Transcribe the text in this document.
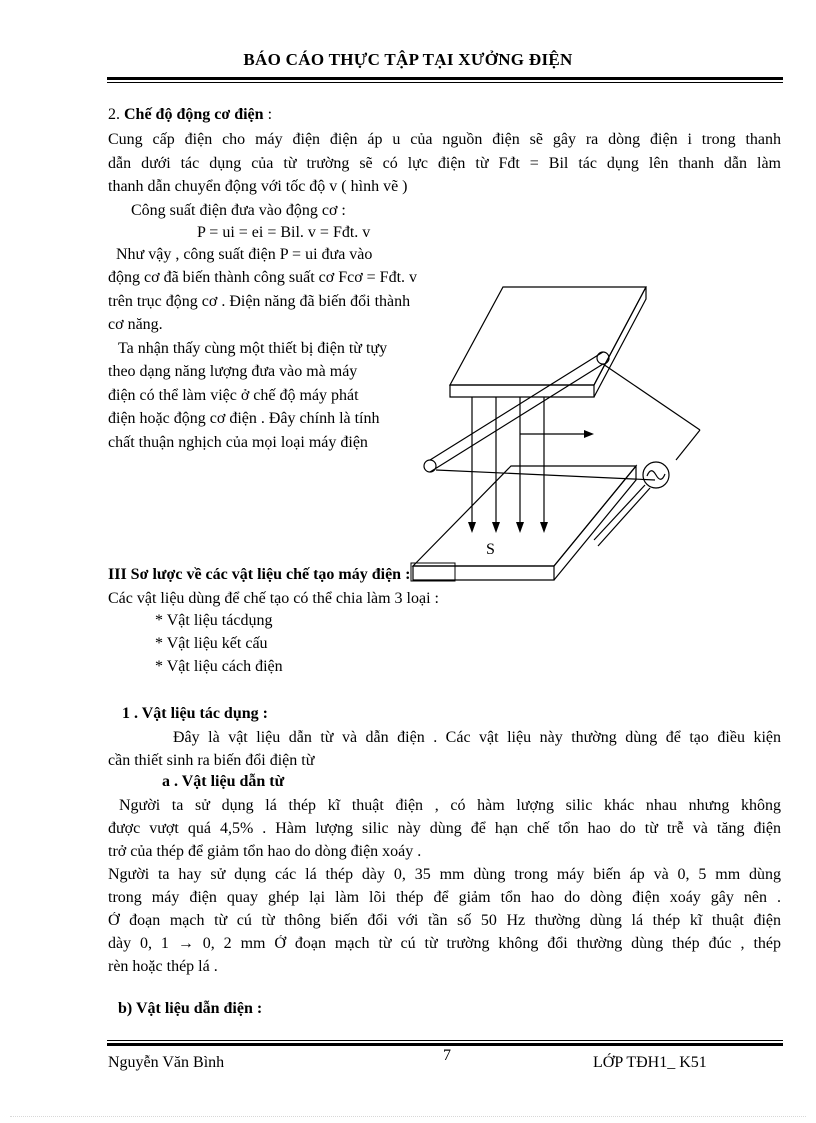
BÁO CÁO THỰC TẬP TẠI XƯỞNG ĐIỆN
2. Chế độ động cơ điện :
Cung cấp điện cho máy điện điện áp u của nguồn điện sẽ gây ra dòng điện i trong thanh
dẫn dưới tác dụng của từ trường sẽ có lực điện từ Fđt = Bil tác dụng lên thanh dẫn làm
thanh dẫn chuyển động với tốc độ v ( hình vẽ )
Công suất điện đưa vào động cơ :
P = ui = ei = Bil. v = Fđt. v
Như vậy , công suất điện P = ui đưa vào
động cơ đã biến thành công suất cơ Fcơ = Fđt. v
trên trục động cơ . Điện năng đã biến đổi thành
cơ năng.
Ta nhận thấy cùng một thiết bị điện từ tựy
theo dạng năng lượng đưa vào mà máy
điện có thể làm việc ở chế độ máy phát
điện hoặc động cơ điện . Đây chính là tính
chất thuận nghịch của mọi loại máy điện
S
III Sơ lược về các vật liệu chế tạo máy điện :
Các vật liệu dùng để chế tạo có thể chia làm 3 loại :
* Vật liệu tácdụng
* Vật liệu kết cấu
* Vật liệu cách điện
1 . Vật liệu tác dụng :
Đây là vật liệu dẫn từ và dẫn điện . Các vật liệu này thường dùng để tạo điều kiện
cần thiết sinh ra biến đổi điện từ
a . Vật liệu dẫn từ
Người ta sử dụng lá thép kĩ thuật điện , có hàm lượng silic khác nhau nhưng không
được vượt quá 4,5% . Hàm lượng silic này dùng để hạn chế tổn hao do từ trễ và tăng điện
trở của thép để giảm tổn hao do dòng điện xoáy .
Người ta hay sử dụng các lá thép dày 0, 35 mm dùng trong máy biến áp và 0, 5 mm dùng
trong máy điện quay ghép lại làm lõi thép để giảm tổn hao do dòng điện xoáy gây nên .
Ở đoạn mạch từ cú từ thông biến đổi với tần số 50 Hz thường dùng lá thép kĩ thuật điện
dày 0, 1 → 0, 2 mm Ở đoạn mạch từ cú từ trường không đổi thường dùng thép đúc , thép
rèn hoặc thép lá .
b) Vật liệu dẫn điện :
Nguyễn Văn Bình	7	LỚP TĐH1_ K51
